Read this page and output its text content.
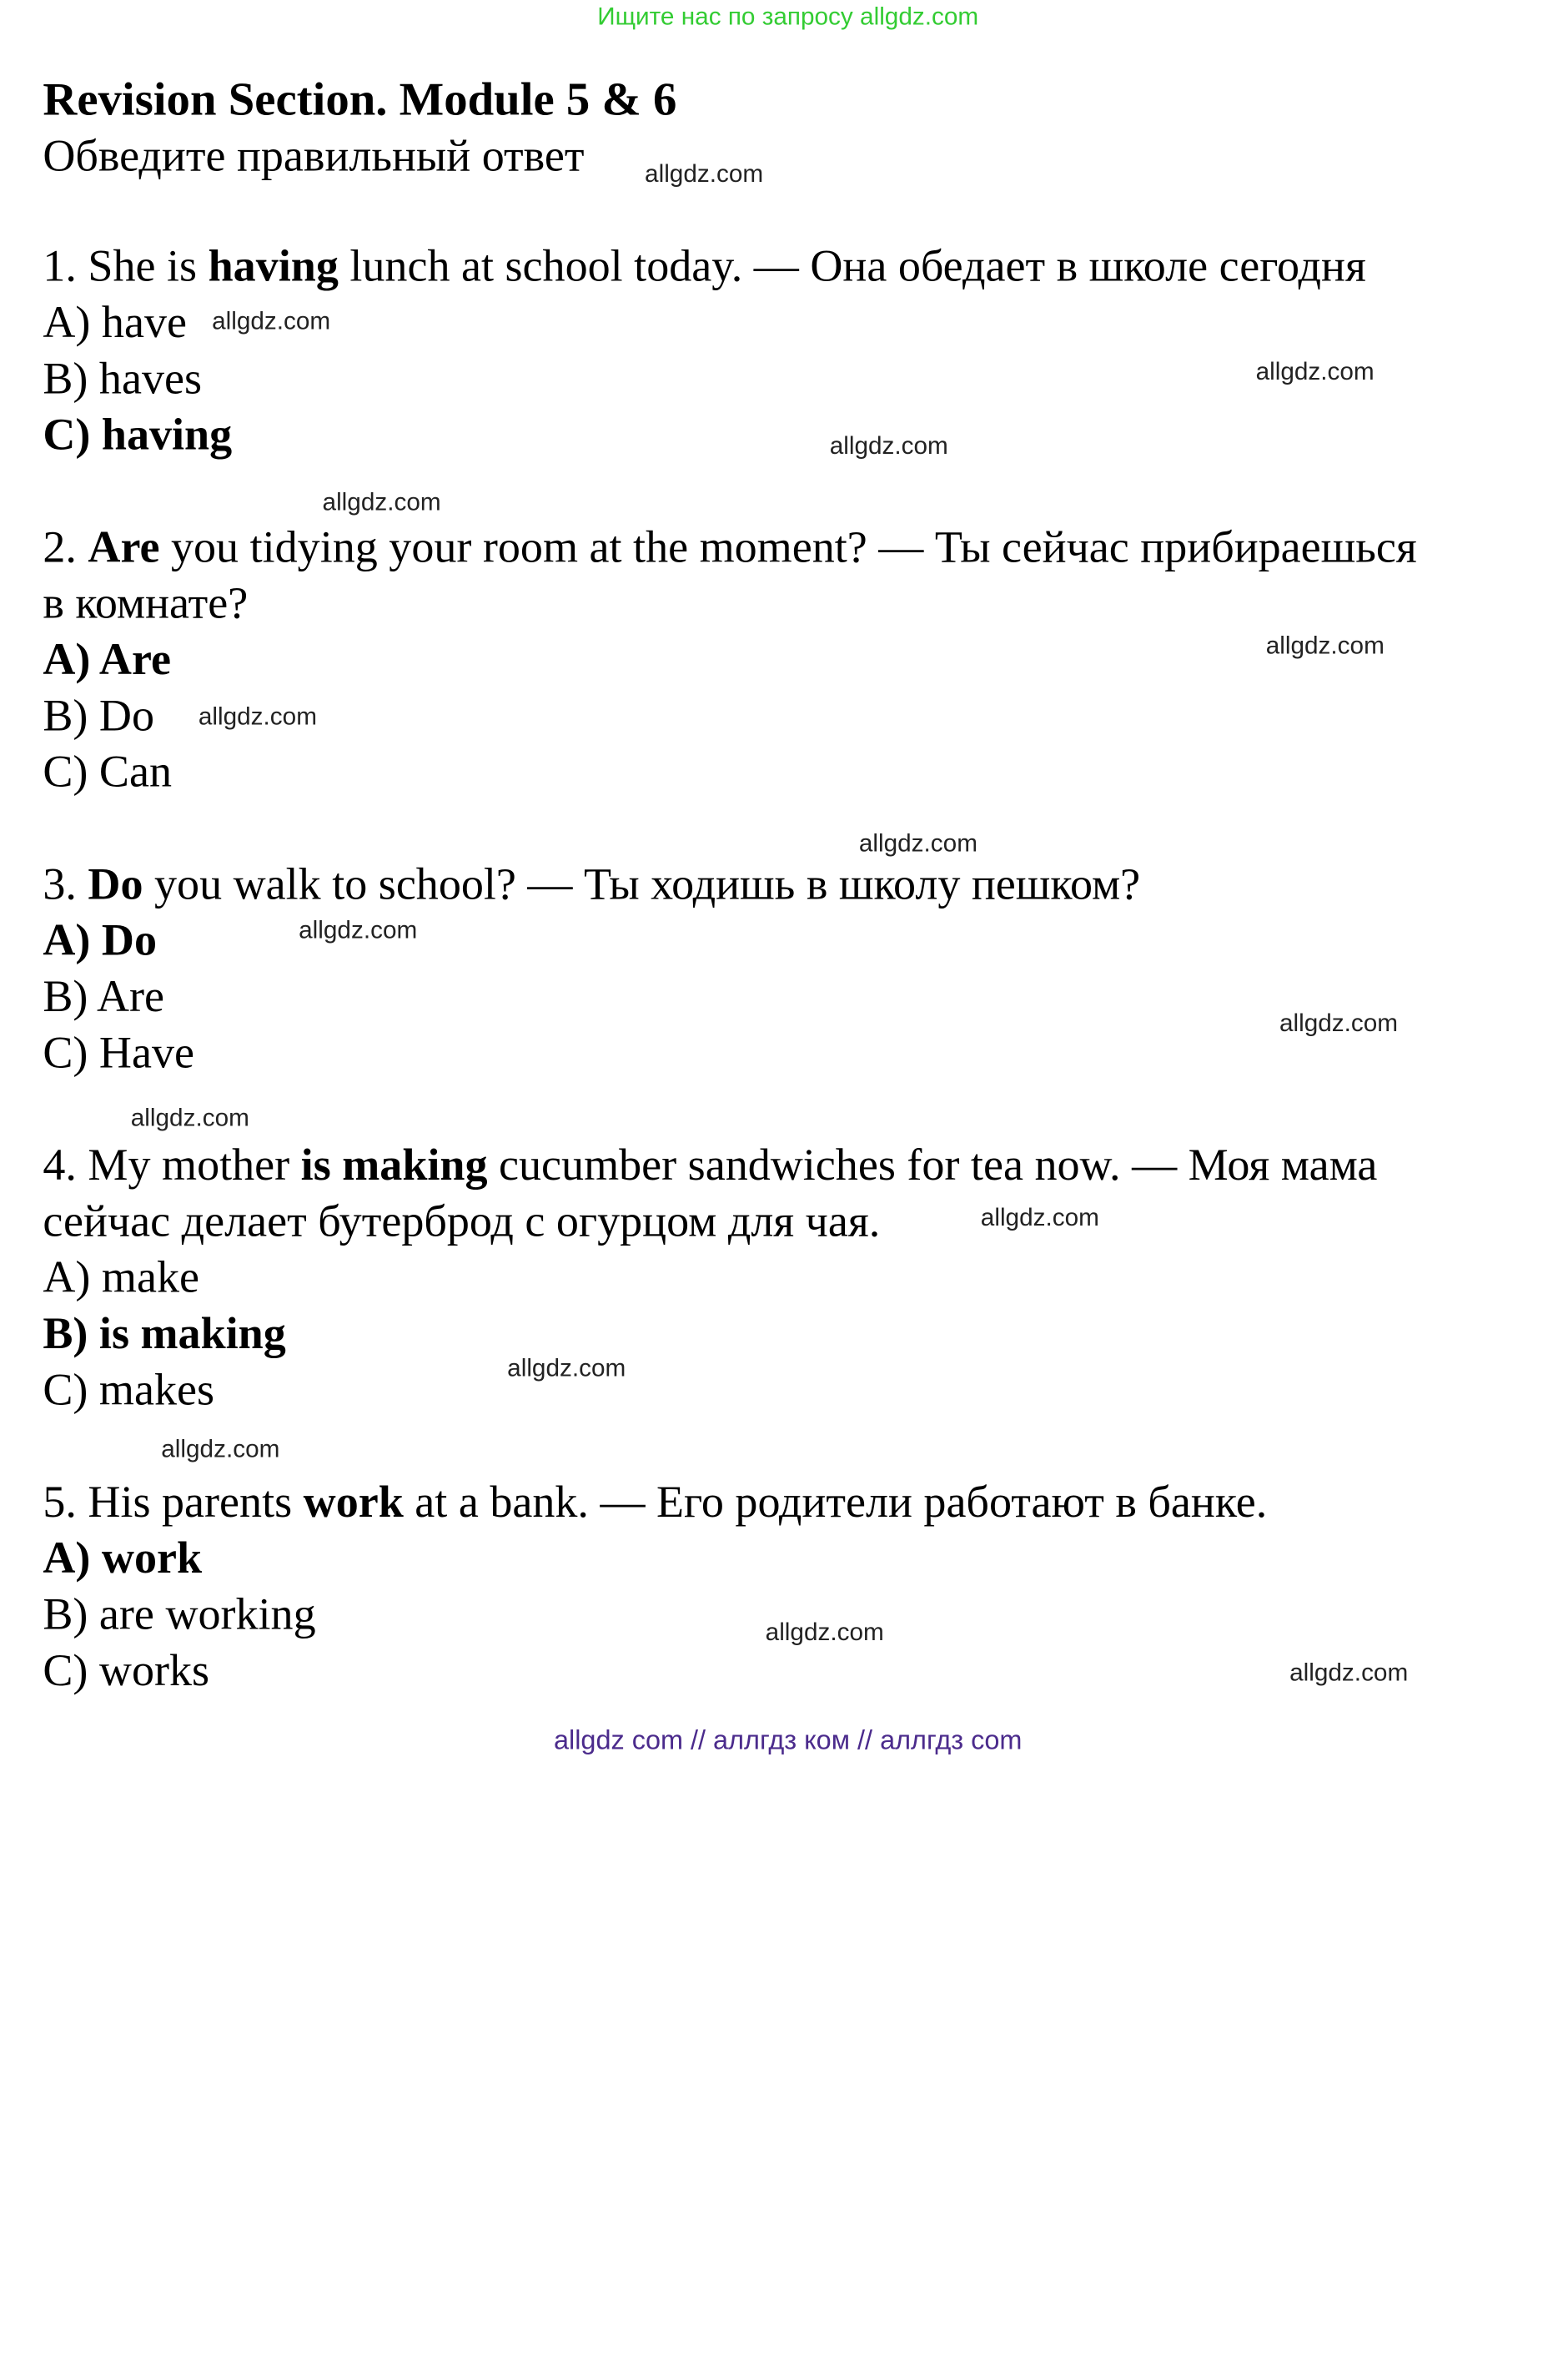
Ищите нас по запросу allgdz.com
Revision Section. Module 5 & 6
Обведите правильный ответ
1. She is having lunch at school today. — Она обедает в школе сегодня
A) have
B) haves
C) having
2. Are you tidying your room at the moment? — Ты сейчас прибираешься
в комнате?
A) Are
B) Do
C) Can
3. Do you walk to school? — Ты ходишь в школу пешком?
A) Do
B) Are
C) Have
4. My mother is making cucumber sandwiches for tea now. — Моя мама
сейчас делает бутерброд с огурцом для чая.
A) make
B) is making
C) makes
5. His parents work at a bank. — Его родители работают в банке.
A) work
B) are working
C) works
allgdz.com
allgdz.com
allgdz.com
allgdz.com
allgdz.com
allgdz.com
allgdz.com
allgdz.com
allgdz.com
allgdz.com
allgdz.com
allgdz.com
allgdz.com
allgdz.com
allgdz.com
allgdz.com
allgdz com // аллгдз ком // аллгдз com
